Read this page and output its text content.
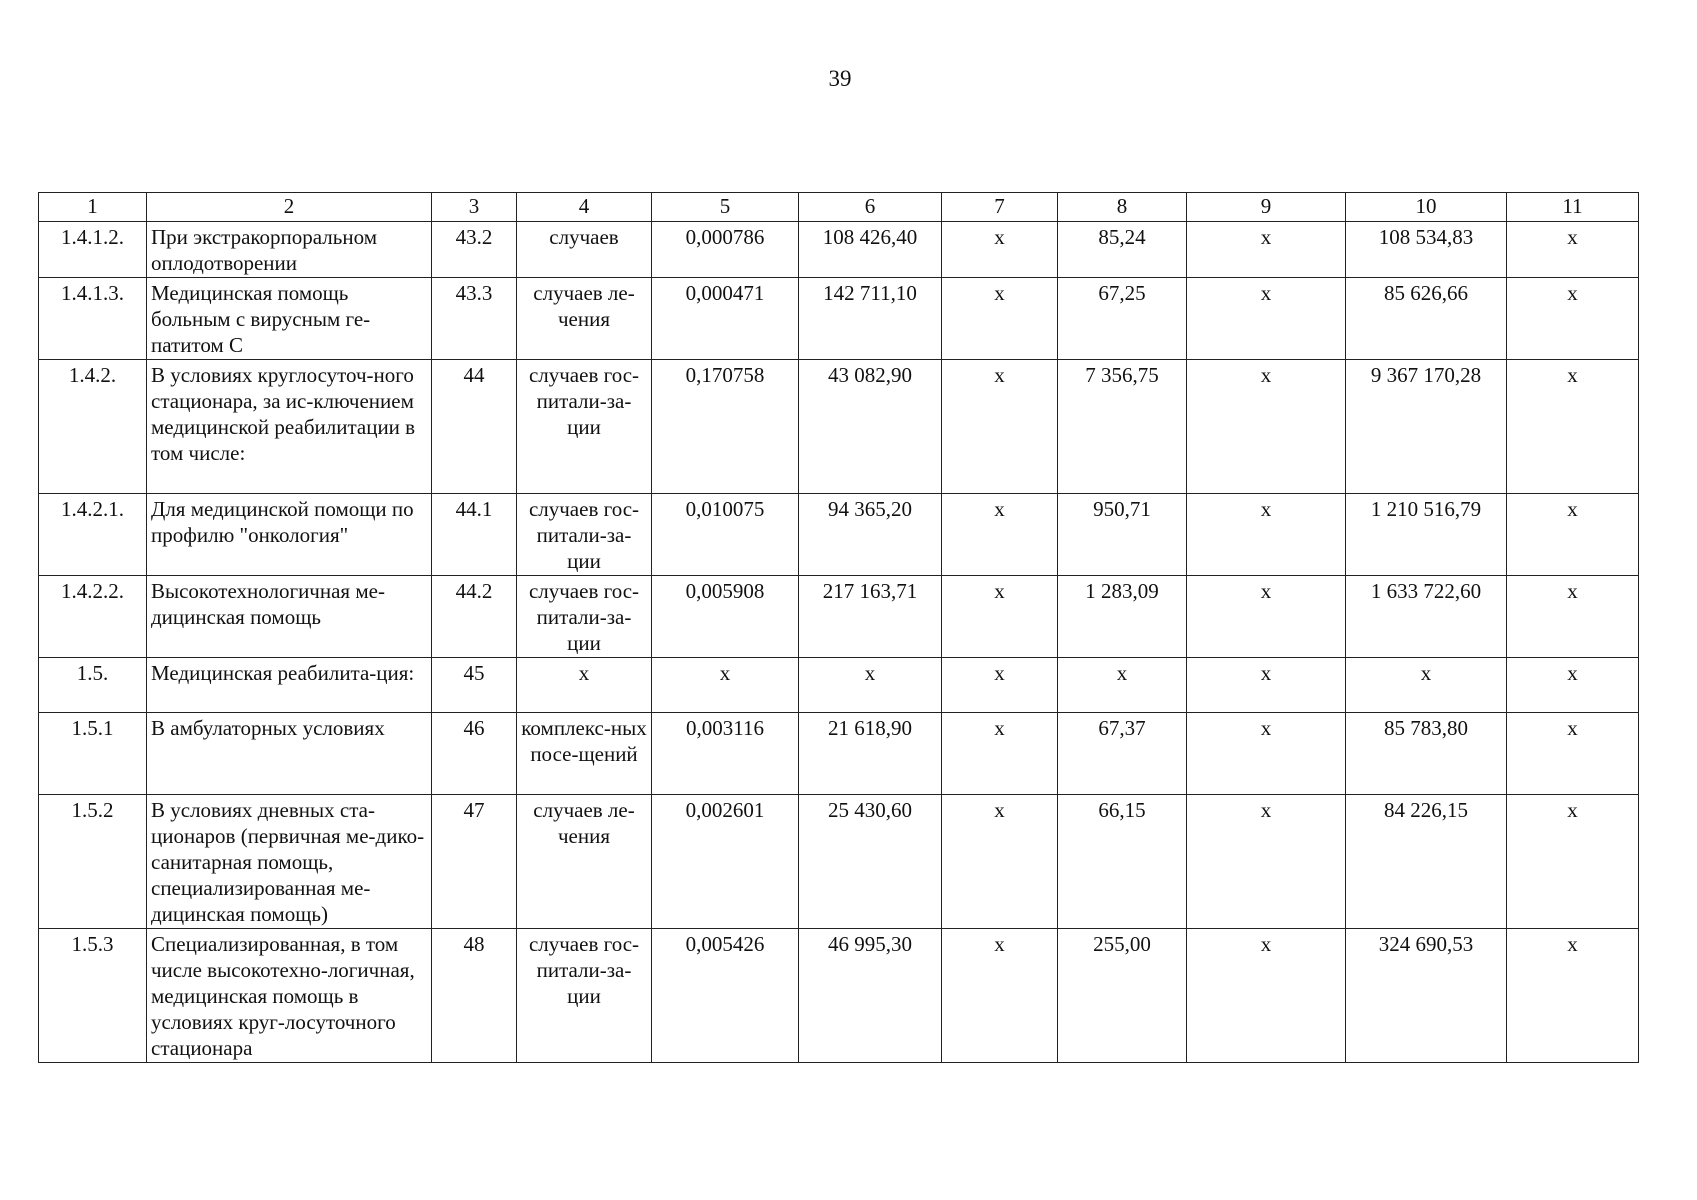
39
1	2	3	4	5	6	7	8	9	10	11
1.4.1.2.	При экстракорпоральном оплодотворении	43.2	случаев	0,000786	108 426,40	x	85,24	x	108 534,83	x
1.4.1.3.	Медицинская помощь больным с вирусным ге-патитом С	43.3	случаев ле-чения	0,000471	142 711,10	x	67,25	x	85 626,66	x
1.4.2.	В условиях круглосуточ-ного стационара, за ис-ключением медицинской реабилитации в том числе:	44	случаев гос-питали-за-ции	0,170758	43 082,90	x	7 356,75	x	9 367 170,28	x
1.4.2.1.	Для медицинской помощи по профилю "онкология"	44.1	случаев гос-питали-за-ции	0,010075	94 365,20	x	950,71	x	1 210 516,79	x
1.4.2.2.	Высокотехнологичная ме-дицинская помощь	44.2	случаев гос-питали-за-ции	0,005908	217 163,71	x	1 283,09	x	1 633 722,60	x
1.5.	Медицинская реабилита-ция:	45	x	x	x	x	x	x	x	x
1.5.1	В амбулаторных условиях	46	комплекс-ных посе-щений	0,003116	21 618,90	x	67,37	x	85 783,80	x
1.5.2	В условиях дневных ста-ционаров (первичная ме-дико-санитарная помощь, специализированная ме-дицинская помощь)	47	случаев ле-чения	0,002601	25 430,60	x	66,15	x	84 226,15	x
1.5.3	Специализированная, в том числе высокотехно-логичная, медицинская помощь в условиях круг-лосуточного стационара	48	случаев гос-питали-за-ции	0,005426	46 995,30	x	255,00	x	324 690,53	x
